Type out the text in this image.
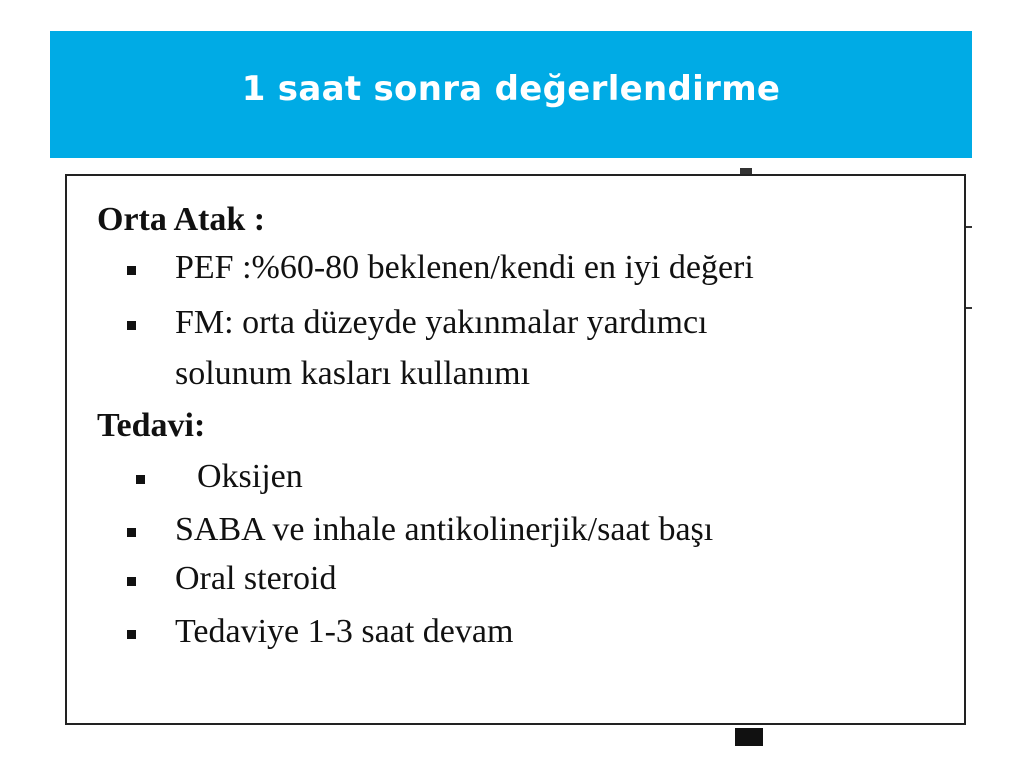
1 saat sonra değerlendirme
Orta Atak :
PEF :%60-80 beklenen/kendi en iyi değeri
FM: orta düzeyde yakınmalar yardımcı
solunum kasları kullanımı
Tedavi:
Oksijen
SABA ve inhale antikolinerjik/saat başı
Oral steroid
Tedaviye 1-3 saat devam
